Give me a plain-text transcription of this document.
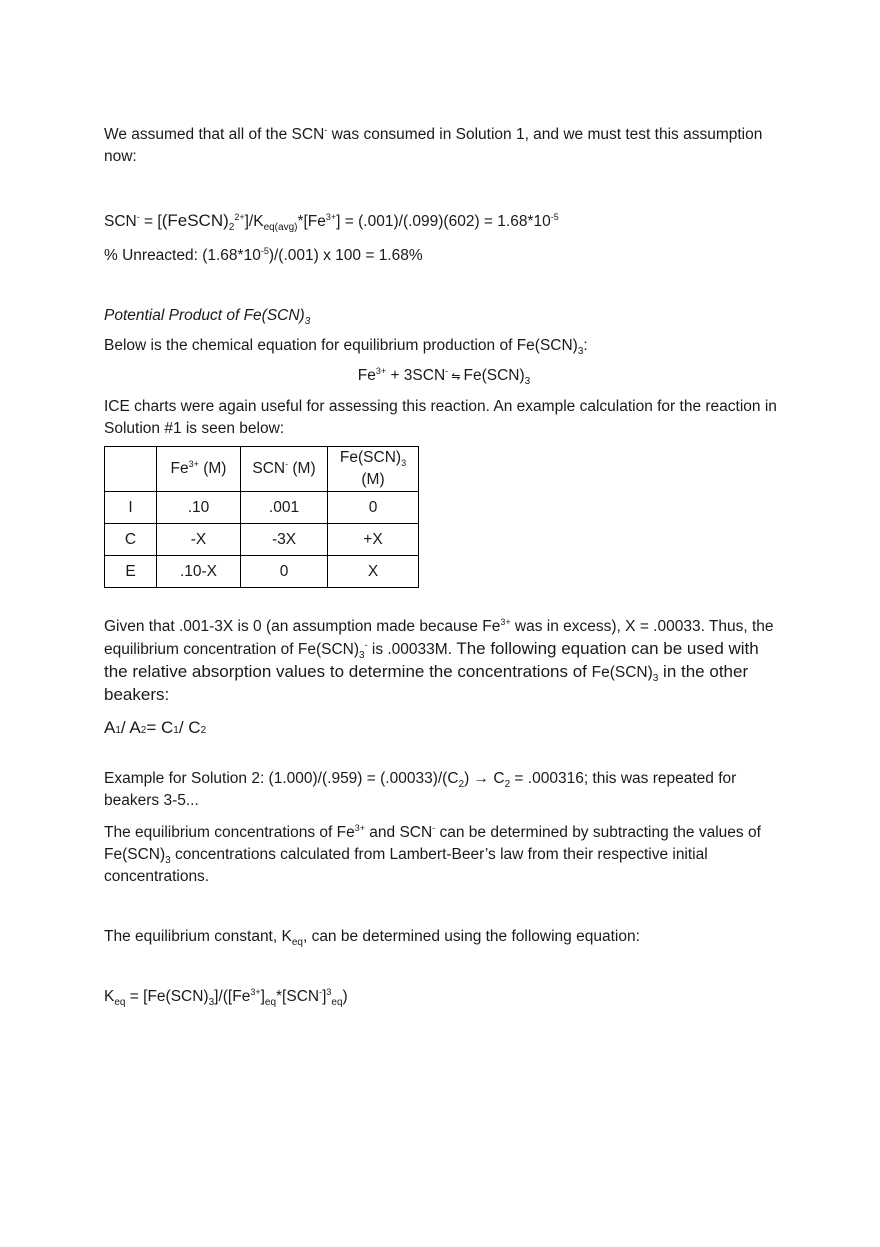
We assumed that all of the SCN- was consumed in Solution 1, and we must test this assumption now:

$SCN^- = [(FeSCN)_2^{2+}]/K_{eq(avg)}*[Fe^{3+}] = (.001)/(.099)(602) = 1.68*10^{-5}$

% Unreacted: $(1.68*10^{-5})/(.001)$ x 100 = 1.68%

Potential Product of $Fe(SCN)_3$

Below is the chemical equation for equilibrium production of $Fe(SCN)_3$:

$Fe^{3+} + 3SCN^-$ ⇋ $Fe(SCN)_3$

ICE charts were again useful for assessing this reaction. An example calculation for the reaction in Solution #1 is seen below:

	$Fe^{3+}$ (M)	SCN- (M)	$Fe(SCN)_3$ (M)
I	.10	.001	0
C	-X	-3X	+X
E	.10-X	0	X

Given that .001-3X is 0 (an assumption made because $Fe^{3+}$ was in excess), X = .00033. Thus, the equilibrium concentration of $Fe(SCN)_3^-$ is .00033M. The following equation can be used with the relative absorption values to determine the concentrations of $Fe(SCN)_3$ in the other beakers:

A1/ A2= C1/ C2

Example for Solution 2: $(1.000)/(.959) = (.00033)/(C_2) \to C_2 = .000316$; this was repeated for beakers 3-5...

The equilibrium concentrations of $Fe^{3+}$ and SCN- can be determined by subtracting the values of $Fe(SCN)_3$ concentrations calculated from Lambert-Beer’s law from their respective initial concentrations.

The equilibrium constant, $K_{eq}$, can be determined using the following equation:

$K_{eq} = [Fe(SCN)_3]/([Fe^{3+}]_{eq}*[SCN^-]^3_{eq})$
